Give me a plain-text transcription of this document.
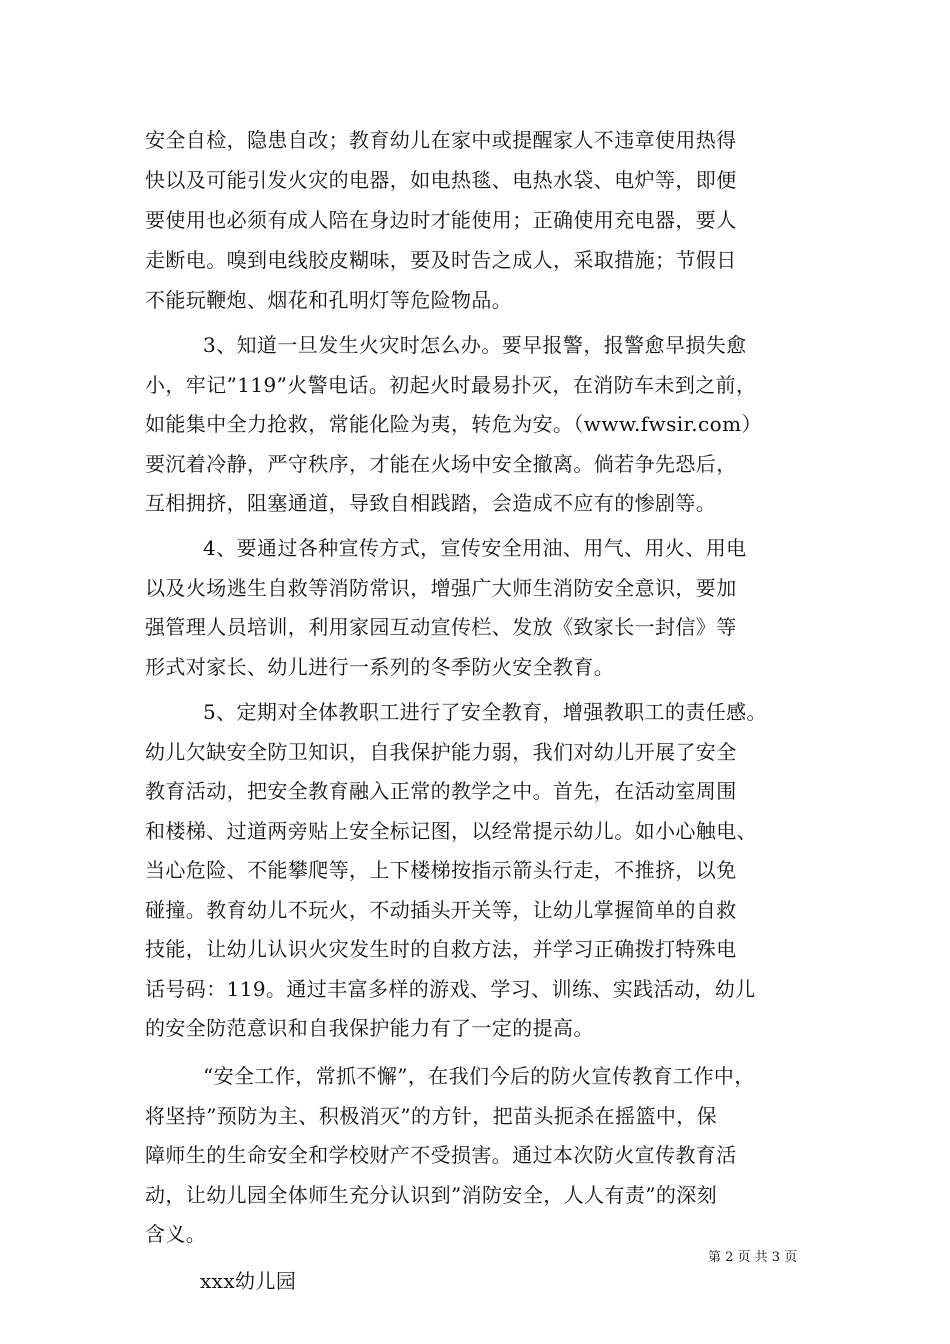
安全自检，隐患自改；教育幼儿在家中或提醒家人不违章使用热得
快以及可能引发火灾的电器，如电热毯、电热水袋、电炉等，即便
要使用也必须有成人陪在身边时才能使用；正确使用充电器，要人
走断电。嗅到电线胶皮糊味，要及时告之成人，采取措施；节假日
不能玩鞭炮、烟花和孔明灯等危险物品。
3、知道一旦发生火灾时怎么办。要早报警，报警愈早损失愈
小，牢记”119”火警电话。初起火时最易扑灭，在消防车未到之前，
如能集中全力抢救，常能化险为夷，转危为安。（www.fwsir.com）
要沉着冷静，严守秩序，才能在火场中安全撤离。倘若争先恐后，
互相拥挤，阻塞通道，导致自相践踏，会造成不应有的惨剧等。
4、要通过各种宣传方式，宣传安全用油、用气、用火、用电
以及火场逃生自救等消防常识，增强广大师生消防安全意识，要加
强管理人员培训，利用家园互动宣传栏、发放《致家长一封信》等
形式对家长、幼儿进行一系列的冬季防火安全教育。
5、定期对全体教职工进行了安全教育，增强教职工的责任感。
幼儿欠缺安全防卫知识，自我保护能力弱，我们对幼儿开展了安全
教育活动，把安全教育融入正常的教学之中。首先，在活动室周围
和楼梯、过道两旁贴上安全标记图，以经常提示幼儿。如小心触电、
当心危险、不能攀爬等，上下楼梯按指示箭头行走，不推挤，以免
碰撞。教育幼儿不玩火，不动插头开关等，让幼儿掌握简单的自救
技能，让幼儿认识火灾发生时的自救方法，并学习正确拨打特殊电
话号码：119。通过丰富多样的游戏、学习、训练、实践活动，幼儿
的安全防范意识和自我保护能力有了一定的提高。
“安全工作，常抓不懈”，在我们今后的防火宣传教育工作中，
将坚持”预防为主、积极消灭”的方针，把苗头扼杀在摇篮中，保
障师生的生命安全和学校财产不受损害。通过本次防火宣传教育活
动，让幼儿园全体师生充分认识到”消防安全，人人有责”的深刻
含义。
xxx幼儿园
第 2 页 共 3 页
